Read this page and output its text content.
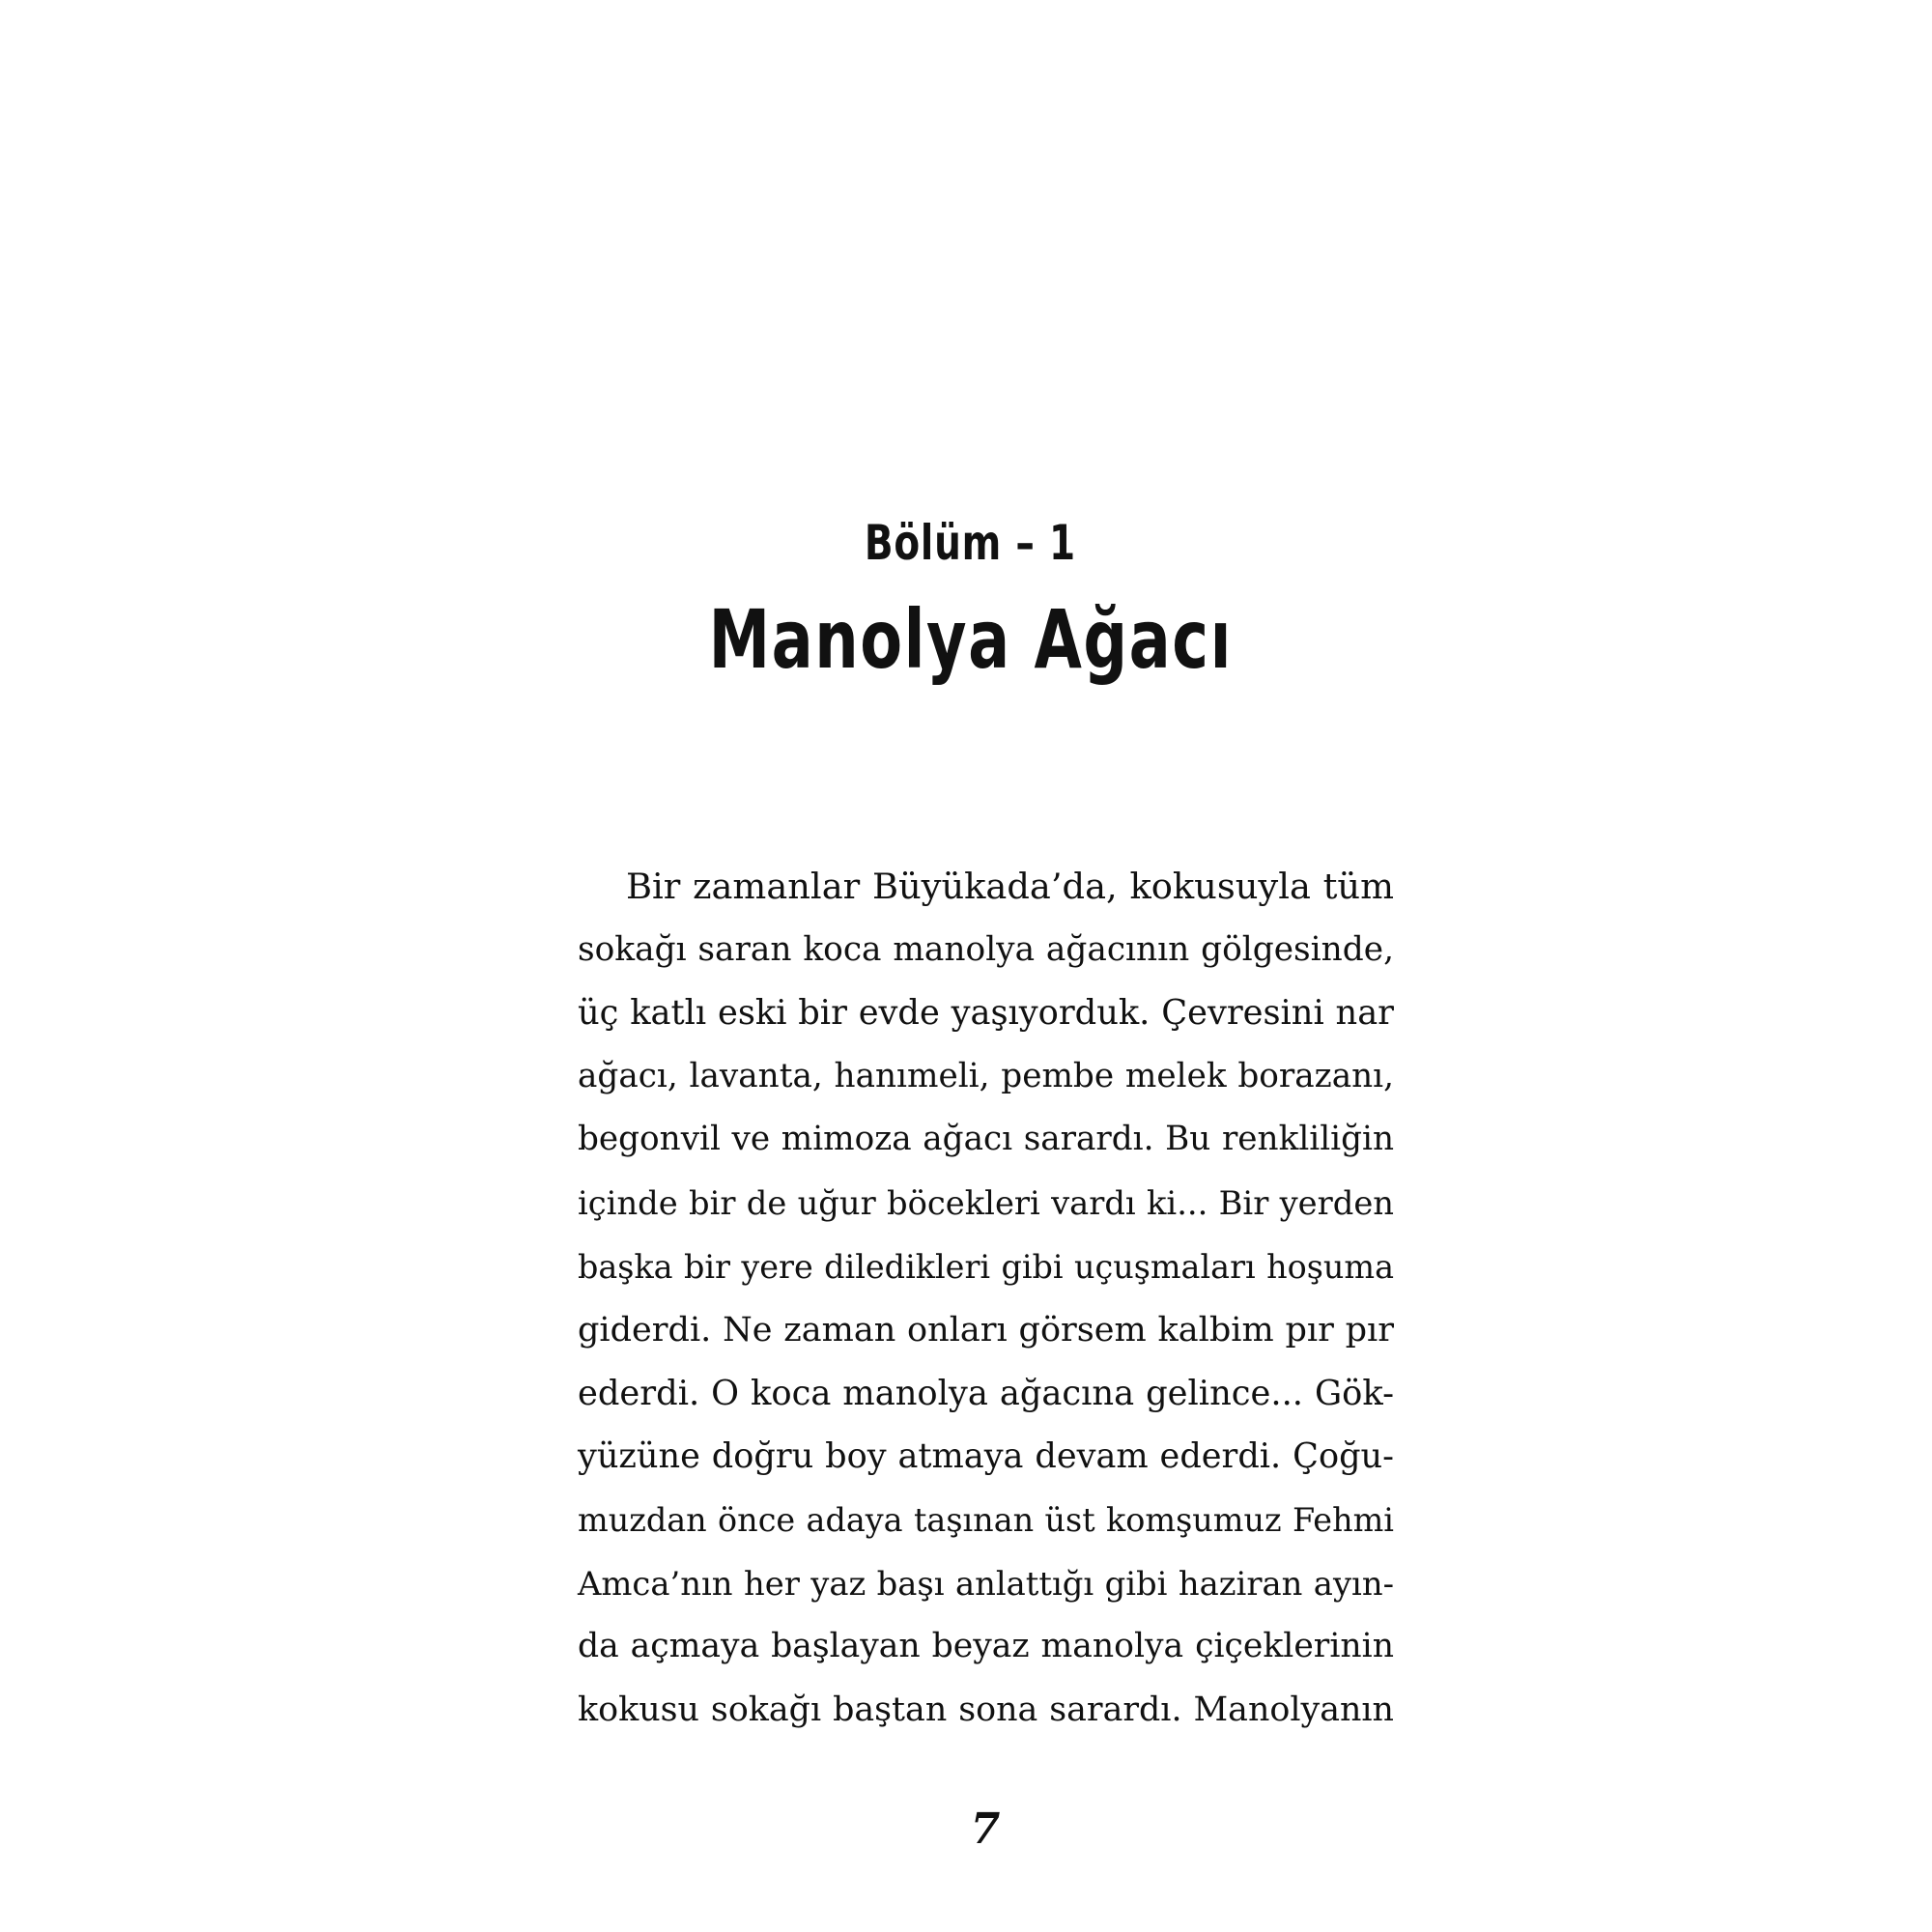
Bölüm – 1
Manolya Ağacı
Bir zamanlar Büyükada’da, kokusuyla tüm
sokağı saran koca manolya ağacının gölgesinde,
üç katlı eski bir evde yaşıyorduk. Çevresini nar
ağacı, lavanta, hanımeli, pembe melek borazanı,
begonvil ve mimoza ağacı sarardı. Bu renkliliğin
içinde bir de uğur böcekleri vardı ki... Bir yerden
başka bir yere diledikleri gibi uçuşmaları hoşuma
giderdi. Ne zaman onları görsem kalbim pır pır
ederdi. O koca manolya ağacına gelince... Gök-
yüzüne doğru boy atmaya devam ederdi. Çoğu-
muzdan önce adaya taşınan üst komşumuz Fehmi
Amca’nın her yaz başı anlattığı gibi haziran ayın-
da açmaya başlayan beyaz manolya çiçeklerinin
kokusu sokağı baştan sona sarardı. Manolyanın
7
